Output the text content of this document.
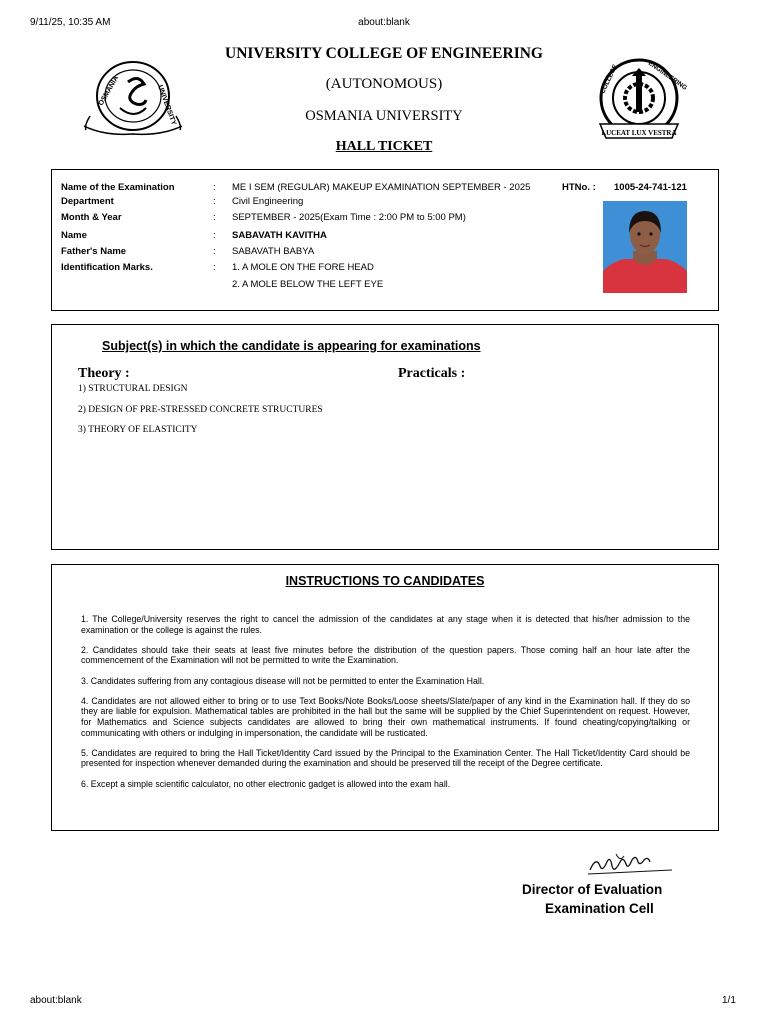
9/11/25, 10:35 AM	about:blank
OSMANIA	UNIVERSITY
LUCEAT LUX VESTRA
COLLEGE	ENGINEERING
UNIVERSITY COLLEGE OF ENGINEERING
(AUTONOMOUS)
OSMANIA UNIVERSITY
HALL TICKET
Name of the Examination	: ME I SEM (REGULAR) MAKEUP EXAMINATION SEPTEMBER - 2025	HTNo. : 1005-24-741-121
Department	: Civil Engineering
Month & Year	: SEPTEMBER - 2025(Exam Time : 2:00 PM to 5:00 PM)
Name	: SABAVATH KAVITHA
Father's Name	: SABAVATH BABYA
Identification Marks.	: 1. A MOLE ON THE FORE HEAD
2. A MOLE BELOW THE LEFT EYE
Subject(s) in which the candidate is appearing for examinations
Theory :	Practicals :
1) STRUCTURAL DESIGN
2) DESIGN OF PRE-STRESSED CONCRETE STRUCTURES
3) THEORY OF ELASTICITY
INSTRUCTIONS TO CANDIDATES

1. The College/University reserves the right to cancel the admission of the candidates at any stage when it is detected that his/her admission to the examination or the college is against the rules.

2. Candidates should take their seats at least five minutes before the distribution of the question papers. Those coming half an hour late after the commencement of the Examination will not be permitted to write the Examination.

3. Candidates suffering from any contagious disease will not be permitted to enter the Examination Hall.

4. Candidates are not allowed either to bring or to use Text Books/Note Books/Loose sheets/Slate/paper of any kind in the Examination hall. If they do so they are liable for expulsion. Mathematical tables are prohibited in the hall but the same will be supplied by the Chief Superintendent on request. However, for Mathematics and Science subjects candidates are allowed to bring their own mathematical instruments. If found cheating/copying/talking or communicating with others or indulging in impersonation, the candidate will be rusticated.

5. Candidates are required to bring the Hall Ticket/Identity Card issued by the Principal to the Examination Center. The Hall Ticket/Identity Card should be presented for inspection whenever demanded during the examination and should be preserved till the receipt of the Degree certificate.

6. Except a simple scientific calculator, no other electronic gadget is allowed into the exam hall.

Director of Evaluation
Examination Cell
about:blank	1/1
